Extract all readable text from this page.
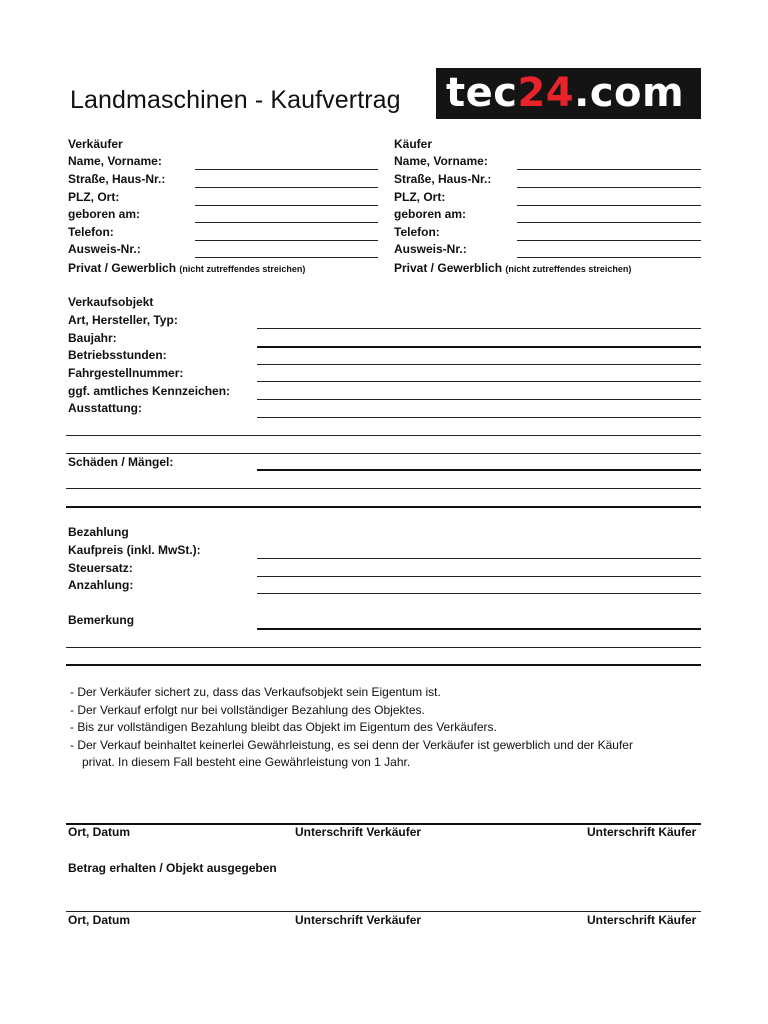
Landmaschinen - Kaufvertrag tec24.com
Verkäufer
Name, Vorname:
Straße, Haus-Nr.:
PLZ, Ort:
geboren am:
Telefon:
Ausweis-Nr.:
Privat / Gewerblich (nicht zutreffendes streichen)
Käufer
Name, Vorname:
Straße, Haus-Nr.:
PLZ, Ort:
geboren am:
Telefon:
Ausweis-Nr.:
Privat / Gewerblich (nicht zutreffendes streichen)
Verkaufsobjekt
Art, Hersteller, Typ:
Baujahr:
Betriebsstunden:
Fahrgestellnummer:
ggf. amtliches Kennzeichen:
Ausstattung:
Schäden / Mängel:
Bezahlung
Kaufpreis (inkl. MwSt.):
Steuersatz:
Anzahlung:
Bemerkung
- Der Verkäufer sichert zu, dass das Verkaufsobjekt sein Eigentum ist.
- Der Verkauf erfolgt nur bei vollständiger Bezahlung des Objektes.
- Bis zur vollständigen Bezahlung bleibt das Objekt im Eigentum des Verkäufers.
- Der Verkauf beinhaltet keinerlei Gewährleistung, es sei denn der Verkäufer ist gewerblich und der Käufer
privat. In diesem Fall besteht eine Gewährleistung von 1 Jahr.
Ort, Datum	Unterschrift Verkäufer	Unterschrift Käufer
Betrag erhalten / Objekt ausgegeben
Ort, Datum	Unterschrift Verkäufer	Unterschrift Käufer
